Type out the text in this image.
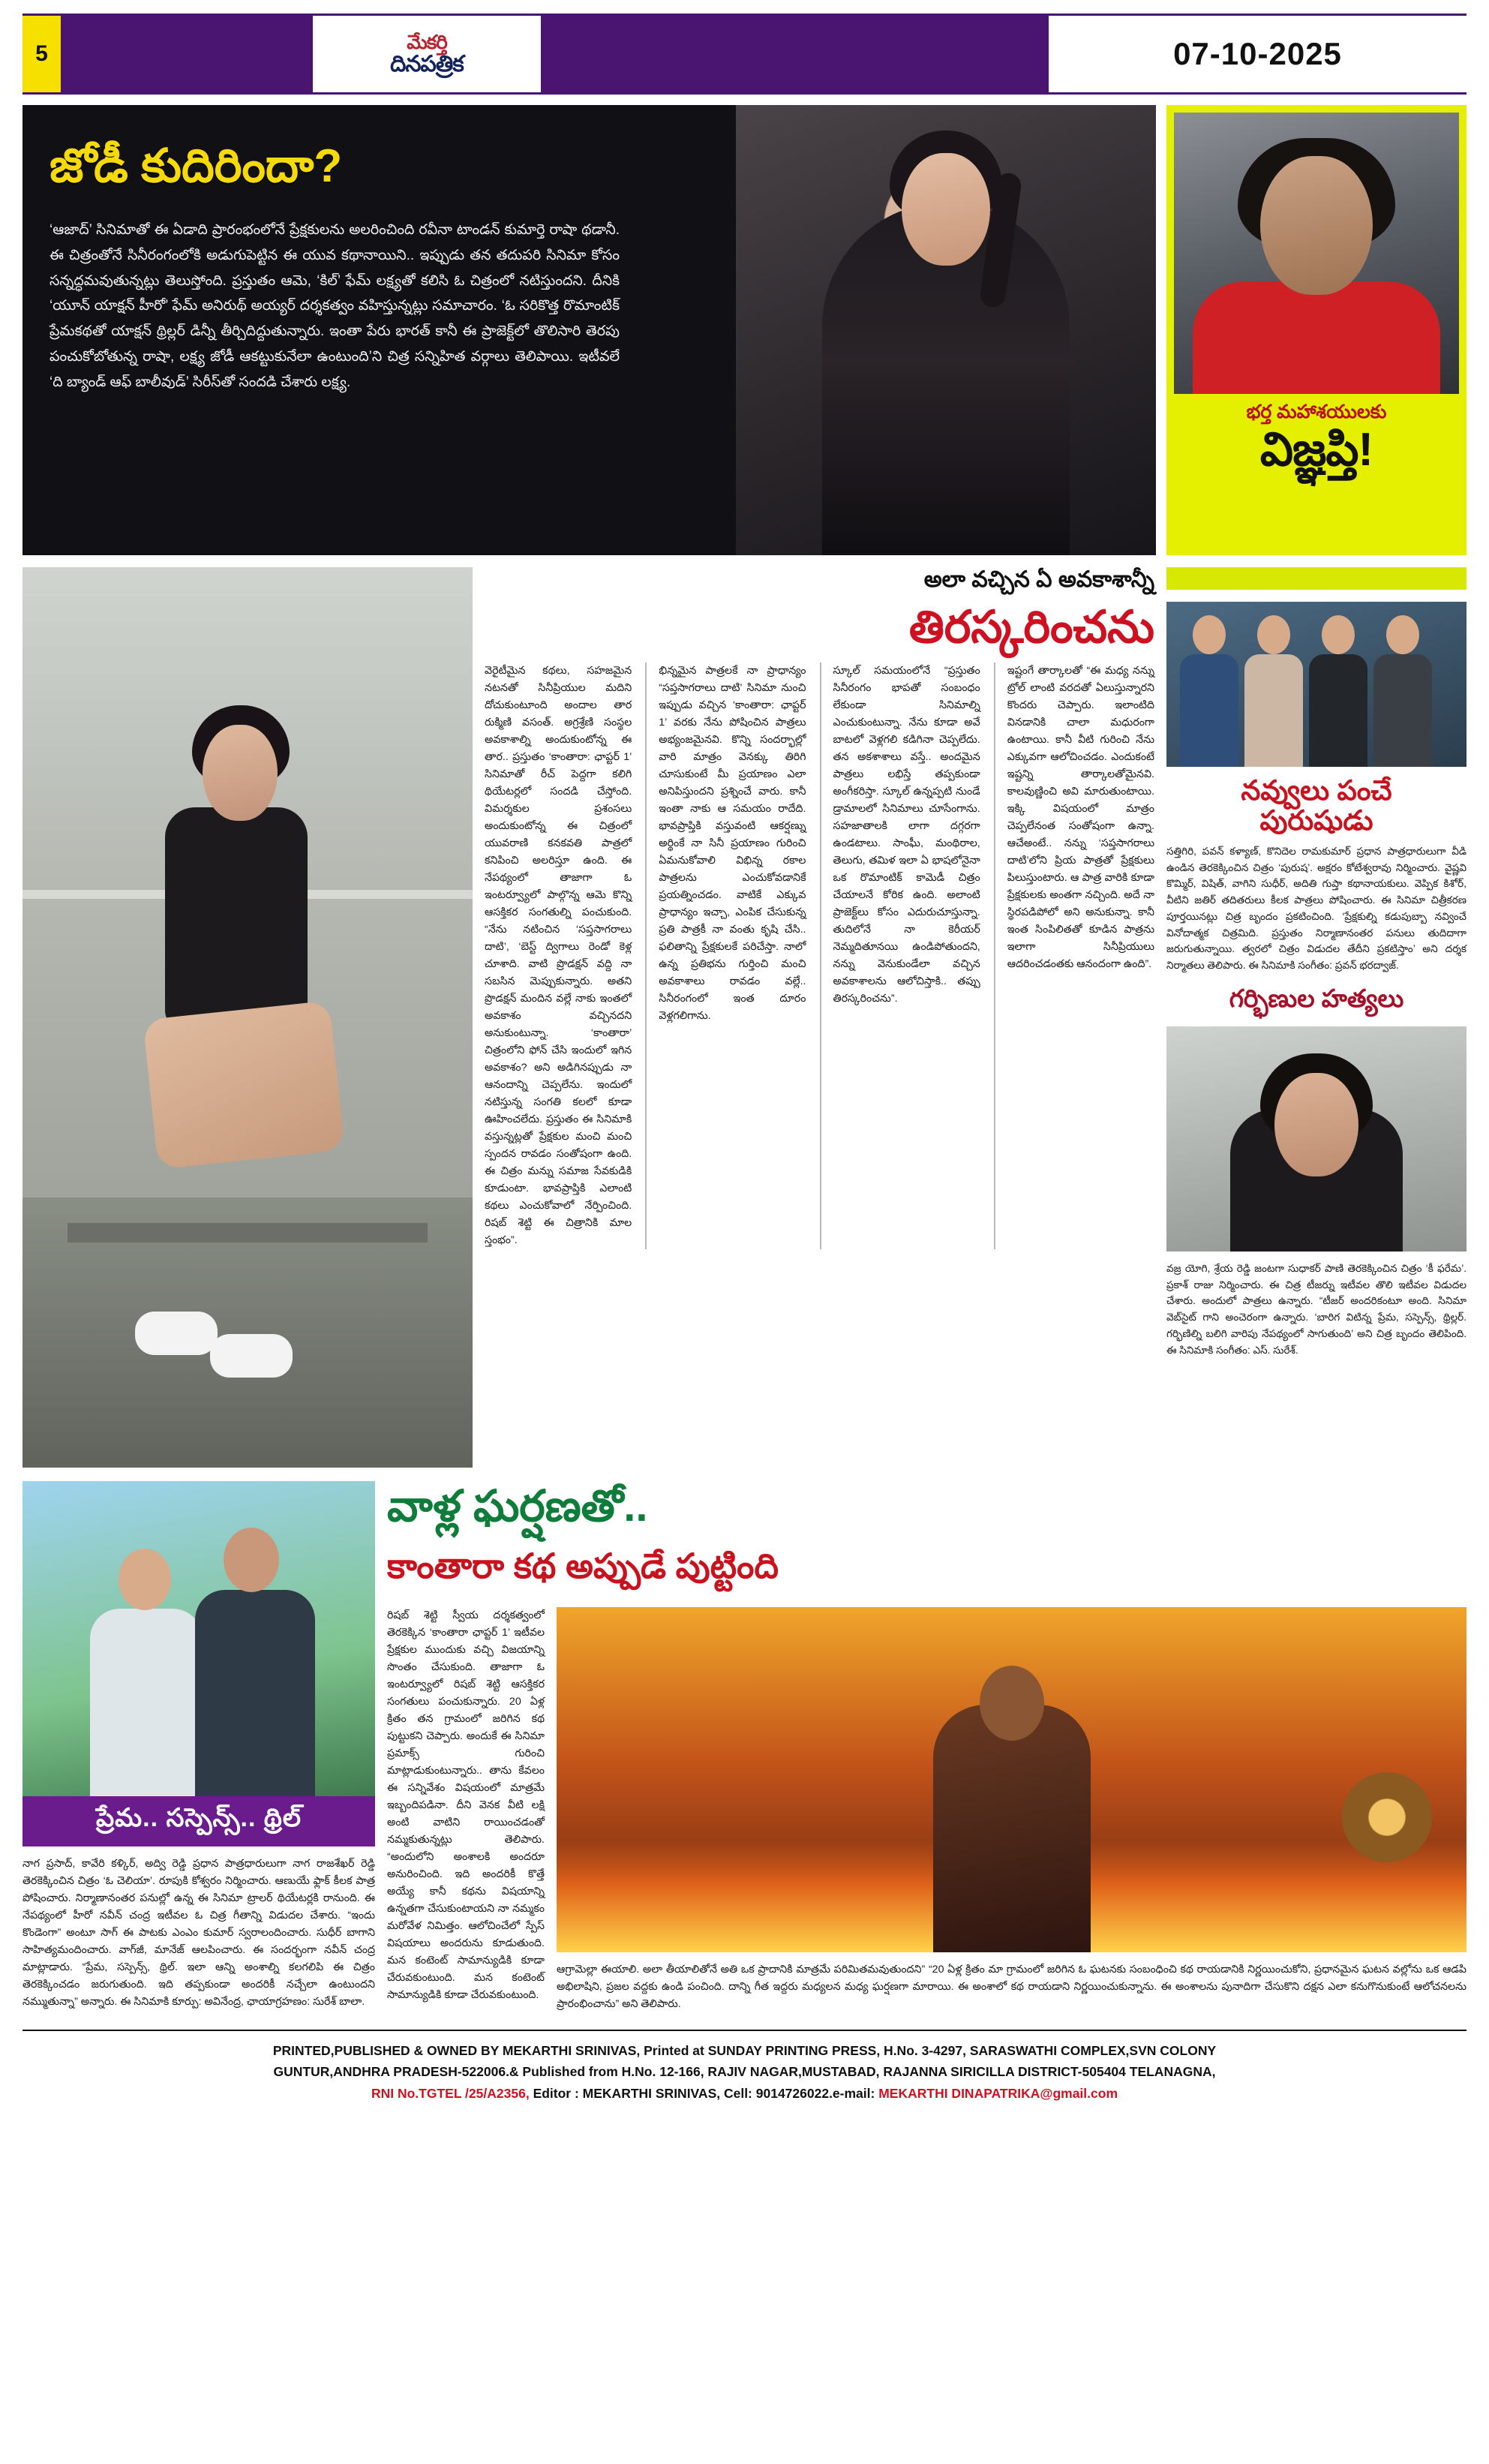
5	మేకర్తి
దినపత్రిక	07-10-2025
జోడీ కుదిరిందా?
‘ఆజాద్‌’ సినిమాతో ఈ ఏడాది ప్రారంభంలోనే ప్రేక్షకులను అలరించింది రవీనా టాండన్‌ కుమార్తె రాషా థడానీ. ఈ చిత్రంతోనే సినీరంగంలోకి అడుగుపెట్టిన ఈ యువ కథానాయిని.. ఇప్పుడు తన తదుపరి సినిమా కోసం సన్నద్ధమవుతున్నట్లు తెలుస్తోంది. ప్రస్తుతం ఆమె, ‘కిల్‌’ ఫేమ్‌ లక్ష్యతో కలిసి ఓ చిత్రంలో నటిస్తుందని. దీనికి ‘యూన్‌ యాక్షన్‌ హీరో’ ఫేమ్‌ అనిరుథ్‌ అయ్యర్‌ దర్శకత్వం వహిస్తున్నట్లు సమాచారం. ‘ఓ సరికొత్త రొమాంటిక్‌ ప్రేమకథతో యాక్షన్‌ థ్రిల్లర్‌ డిన్నీ తీర్చిదిద్దుతున్నారు. ఇంతా పేరు భారత్‌ కానీ ఈ ప్రాజెక్ట్‌లో తొలిసారి తెరపు పంచుకోబోతున్న రాషా, లక్ష్య జోడీ ఆకట్టుకునేలా ఉంటుంది’ని చిత్ర సన్నిహిత వర్గాలు తెలిపాయి. ఇటీవలే ‘ది బ్యాండ్‌ ఆఫ్‌ బాలీవుడ్‌’ సిరీస్‌తో సందడి చేశారు లక్ష్య.
భర్త మహాశయులకు
విజ్ఞప్తి!
అలా వచ్చిన ఏ అవకాశాన్నీ
తిరస్కరించను
వెరైటీమైన కథలు, సహజమైన నటనతో సినీప్రియుల మదిని దోచుకుంటూంది అందాల తార రుక్మిణి వసంత్‌. అగ్రశ్రేణి సంస్థల అవకాశాల్ని అందుకుంటోన్న ఈ తార.. ప్రస్తుతం ‘కాంతారా: ఛాప్టర్‌ 1’ సినిమాతో రీచ్‌ పెద్దగా కలిగి థియేటర్లలో సందడి చేస్తోంది. విమర్శకుల ప్రశంసలు అందుకుంటోన్న ఈ చిత్రంలో యువరాణి కనకవతి పాత్రలో కనిపించి అలరిస్తూ ఉంది. ఈ నేపథ్యంలో తాజాగా ఓ ఇంటర్వ్యూలో పాల్గొన్న ఆమె కొన్ని ఆసక్తికర సంగతుల్ని పంచుకుంది. “నేను నటించిన ‘సప్తసాగరాలు దాటి’, ‘బెస్ట్‌ ద్విగాలు రెండో కెళ్ల చూశాది. వాటి ప్రొడక్షన్‌ వద్ది నా సబసిన మెప్పుకున్నారు. అతని ప్రొడక్షన్‌ మందిన వల్లే నాకు ఇంతలో అవకాశం వచ్చినదని అనుకుంటున్నా. ‘కాంతారా’ చిత్రంలోని ఫోన్‌ చేసి ఇందులో ఇగిన అవకాశం? అని అడిగినప్పుడు నా ఆనందాన్ని చెప్పలేను. ఇందులో నటిస్తున్న సంగతి కలలో కూడా ఊహించలేదు. ప్రస్తుతం ఈ సినిమాకి వస్తున్నట్లతో ప్రేక్షకుల మంచి మంచి స్పందన రావడం సంతోషంగా ఉంది. ఈ చిత్రం మన్ను సమాజ సేవకుడికి కూడుంటా. భావప్రాప్తికి ఎలాంటి కథలు ఎంచుకోవాలో నేర్పించింది. రిషబ్‌ శెట్టి ఈ చిత్రానికి మాల స్తంభం”.
భిన్నమైన పాత్రలకే నా ప్రాధాన్యం “సప్తసాగరాలు దాటి’ సినిమా నుంచి ఇప్పుడు వచ్చిన ‘కాంతారా: ఛాప్టర్‌ 1’ వరకు నేను పోషించిన పాత్రలు అభ్యంజమైనవి. కొన్ని సందర్భాల్లో వారి మాత్రం వెనక్కు తిరిగి చూసుకుంటే మీ ప్రయాణం ఎలా అనిపిస్తుందని ప్రశ్నించే వారు. కానీ ఇంతా నాకు ఆ సమయం రాదేది. భావప్రాప్తికి వస్తువంటి ఆకర్షణ్ను అర్థింకే నా సినీ ప్రయాణం గురించి ఏమనుకోవాలి విభిన్న రకాల పాత్రలను ఎంచుకోవడానికే ప్రయత్నించడం. వాటికే ఎక్కువ ప్రాధాన్యం ఇచ్చా, ఎంపిక చేసుకున్న ప్రతి పాత్రకీ నా వంతు కృషి చేసి.. ఫలితాన్ని ప్రేక్షకులకే పరిచేస్తా. నాలో ఉన్న ప్రతిభను గుర్తించి మంచి అవకాశాలు రావడం వల్లే.. సినీరంగంలో ఇంత దూరం వెళ్లగలిగాను.
స్కూల్‌ సమయంలోనే “ప్రస్తుతం సినీరంగం భాపతో సంబంధం లేకుండా సినిమాల్ని ఎంచుకుంటున్నా. నేను కూడా అవే బాటలో వెళ్లగలి కడిగినా చెప్పలేదు. తన అకశాశాలు వస్తే.. అందమైన పాత్రలు లభిస్తే తప్పకుండా అంగీకరిస్తా. స్కూల్‌ ఉన్నప్పటి నుండే డ్రామాలలో సినిమాలు చూసేంగాను. సహజాతాలకి లాగా దగ్గరగా ఉండటాలు. సాంఘీ, మంథిరాల, తెలుగు, తమిళ ఇలా ఏ భాషలోనైనా ఒక రొమాంటిక్‌ కామెడీ చిత్రం చేయాలనే కోరిక ఉంది. అలాంటి ప్రాజెక్ట్‌లు కోసం ఎదురుచూస్తున్నా. తుదిలోనే నా కెరీయర్‌ నెమ్మదితూనయి ఉండిపోతుందని, నన్ను వెనుకుండేలా వచ్చిన అవకాశాలను ఆలోచిస్తాకి.. తప్పు తిరస్కరించను”.
ఇష్టంగే తార్కాలతో “ఈ మధ్య నన్ను ట్రోల్‌ లాంటి వరదతో ఏలుస్తున్నారని కొందరు చెప్పారు. ఇలాంటిది వినడానికి చాలా మధురంగా ఉంటాయి. కానీ వీటి గురించి నేను ఎక్కువగా ఆలోచించడం. ఎందుకంటే ఇష్టన్ని తార్కాలతోమైనవి. కాలవుణ్ణించి అవి మారుతుంటాయి. ఇక్కి విషయంలో మాత్రం చెప్పలేనంత సంతోషంగా ఉన్నా. ఆచేఅంటే.. నన్ను ‘సప్తసాగరాలు దాటి’లోని ప్రియ పాత్రతో ప్రేక్షకులు పిలుస్తుంటారు. ఆ పాత్ర వారికి కూడా ప్రేక్షకులకు అంతగా నచ్చింది. అదే నా స్థిరపడిపోలో అని అనుకున్నా. కానీ ఇంత సింపిలితతో కూడిన పాత్రను ఇలాగా సినీప్రియులు ఆదరించడంతకు ఆనందంగా ఉంది”.
నవ్వులు పంచే
పురుషుడు
సత్తిగిరి, పవన్‌ కళ్యాణ్‌, కొనిదెల రామకుమార్‌ ప్రధాన పాత్రధారులుగా వీడి ఉండిన తెరకెక్కించిన చిత్రం ‘పురుష’. అక్షరం కోటేశ్వరావు నిర్మించారు. వైష్ణవి కొమ్మిర్‌, విషిత్‌, వాగిని సుధీర్‌, అదితి గుప్తా కథానాయకులు. వెప్పిక కిశోర్‌, వీటిని జతిర్‌ తదితరులు కీలక పాత్రలు పోషించారు. ఈ సినిమా చిత్రీకరణ పూర్తయినట్లు చిత్ర బృందం ప్రకటించింది. ‘ప్రేక్షకుల్ని కడుపుబ్బా నవ్వించే వినోదాత్మక చిత్రమిది. ప్రస్తుతం నిర్మాణానంతర పనులు తుదిదాగా జరుగుతున్నాయి. త్వరలో చిత్రం విడుదల తేదీని ప్రకటిస్తాం’ అని దర్శక నిర్మాతలు తెలిపారు. ఈ సినిమాకి సంగీతం: ప్రవన్‌ భరద్వాజ్‌.
గర్భిణుల హత్యలు
వజ్ర యోగి, శ్రేయ రెడ్డి జంటగా సుధాకర్‌ పాణి తెరకెక్కించిన చిత్రం ‘కీ ఫరేమ’. ప్రకాశ్‌ రాజు నిర్మించారు. ఈ చిత్ర టీజర్ను ఇటీవల తొలి ఇటీవల విడుదల చేశారు. అందులో పాత్రలు ఉన్నారు. “టీజర్‌ అందరికంటూ అంది. సినిమా వెబ్‌సైట్‌ గాని అంచెరంగా ఉన్నారు. ‘బారిగ విటిన్న‌ ప్రేమ, సస్పెన్స్‌, థ్రిల్లర్‌. గర్భిణిల్ని బలిగి వారిపు నేపథ్యంలో సాగుతుంది’ అని చిత్ర బృందం తెలిపింది. ఈ సినిమాకి సంగీతం: ఎస్‌. సురేశ్‌.
ప్రేమ.. సస్పెన్స్‌.. థ్రిల్
నాగ ప్రసాద్‌, కావేరి కళ్కిర్‌, అద్వి రెడ్డి ప్రధాన పాత్రధారులుగా నాగ రాజశేఖర్‌ రెడ్డి తెరకెక్కించిన చిత్రం ‘ఓ చెలియా’. రూపుకి కోశ్వరం నిర్మించారు. ఆణుయే ఫ్లాక్‌ కీలక పాత్ర పోషించారు. నిర్మాణానంతర పనుల్లో ఉన్న ఈ సినిమా ట్రాలర్‌ థియేటర్లకి రానుంది. ఈ నేపథ్యంలో హీరో నవీన్‌ చంద్ర ఇటీవల ఓ చిత్ర గీతాన్ని విడుదల చేశారు. “ఇందు కొండెంగా” అంటూ సాగ్‌ ఈ పాటకు ఎంఎం కుమార్‌ స్వరాలందించారు. సుధీర్‌ బాగాని సాహిత్యమందించారు. వాగ్‌జీ, మానేజ్‌ ఆలపించారు. ఈ సందర్భంగా నవీన్‌ చంద్ర మాట్లాడారు. “ప్రేమ, సస్పెన్స్‌, థ్రిల్‌. ఇలా ఆన్ని అంశాల్ని కలగలిపి ఈ చిత్రం తెరకెక్కించడం జరుగుతుంది. ఇది తప్పకుండా అందరికీ నచ్చేలా ఉంటుందని నమ్ముతున్నా” అన్నారు. ఈ సినిమాకి కూర్పు: అవినేంద్ర, ఛాయాగ్రహణం: సురేశ్‌ బాలా.
వాళ్ల ఘర్షణతో..
కాంతారా కథ అప్పుడే పుట్టింది
రిషబ్‌ శెట్టి స్వీయ దర్శకత్వంలో తెరకెక్కిన ‘కాంతారా ఛాప్టర్‌ 1’ ఇటీవల ప్రేక్షకుల ముందుకు వచ్చి విజయాన్ని సొంతం చేసుకుంది. తాజాగా ఓ ఇంటర్వ్యూలో రిషబ్‌ శెట్టి ఆసక్తికర సంగతులు పంచుకున్నారు. 20 ఏళ్ల క్రితం తన గ్రామంలో జరిగిన కథ పుట్టుకని చెప్పారు. అందుకే ఈ సినిమా ప్రమాక్స్‌ గురించి మాట్లాడుకుంటున్నారు.. తాను కేవలం ఈ సన్నివేశం విషయంలో మాత్రమే ఇబ్బందిపడినా. దీని వెనక వీటి లక్షి అంటి వాటిని రాయించడంతో నమ్మకుతున్నట్లు తెలిపారు. “అందులోని అంశాలకి అందరూ అనురించింది. ఇది అందరికీ కొత్తే అయ్యే కానీ కథను విషయాన్ని ఉన్నతగా చేసుకుంటాయని నా నమ్మకం మరోవేళ నిమిత్తం. ఆలోచించేలో స్పేస్‌ విషయాలు అందరును కూడుతుంది. మన కంటెంట్‌ సామాన్యుడికి కూడా చేరువకుంటుంది. మన కంటెంట్‌ సామాన్యుడికి కూడా చేరువకుంటుంది.
ఆగ్రామెల్లా ఈయాలి. అలా తీయాలితోనే అతి ఒక ప్రాదానికి మాత్రమే పరిమితమవుతుందని” “20 ఏళ్ల క్రితం మా గ్రామంలో జరిగిన ఓ ఘటనకు సంబంధించి కథ రాయడానికి నిర్ణయించుకోని, ప్రధానమైన ఘటన వల్లోను ఒక ఆడపి అభిలాషిని, ప్రజల వద్దకు ఉండి పంచింది. దాన్ని గీత ఇద్దరు మధ్యలన మధ్య ఘర్షణగా మారాయి. ఈ అంశాలో కథ రాయడాని నిర్ణయించుకున్నాను. ఈ అంశాలను పునాదిగా చేసుకొని దక్షన ఎలా కనుగొనుకుంటే ఆలోచనలను ప్రారంభించాను” అని తెలిపారు.
PRINTED,PUBLISHED & OWNED BY MEKARTHI SRINIVAS, Printed at SUNDAY PRINTING PRESS, H.No. 3-4297, SARASWATHI COMPLEX,SVN COLONY
GUNTUR,ANDHRA PRADESH-522006.& Published from H.No. 12-166, RAJIV NAGAR,MUSTABAD, RAJANNA SIRICILLA DISTRICT-505404 TELANAGNA,
RNI No.TGTEL /25/A2356, Editor : MEKARTHI SRINIVAS, Cell: 9014726022.e-mail: MEKARTHI DINAPATRIKA@gmail.com
